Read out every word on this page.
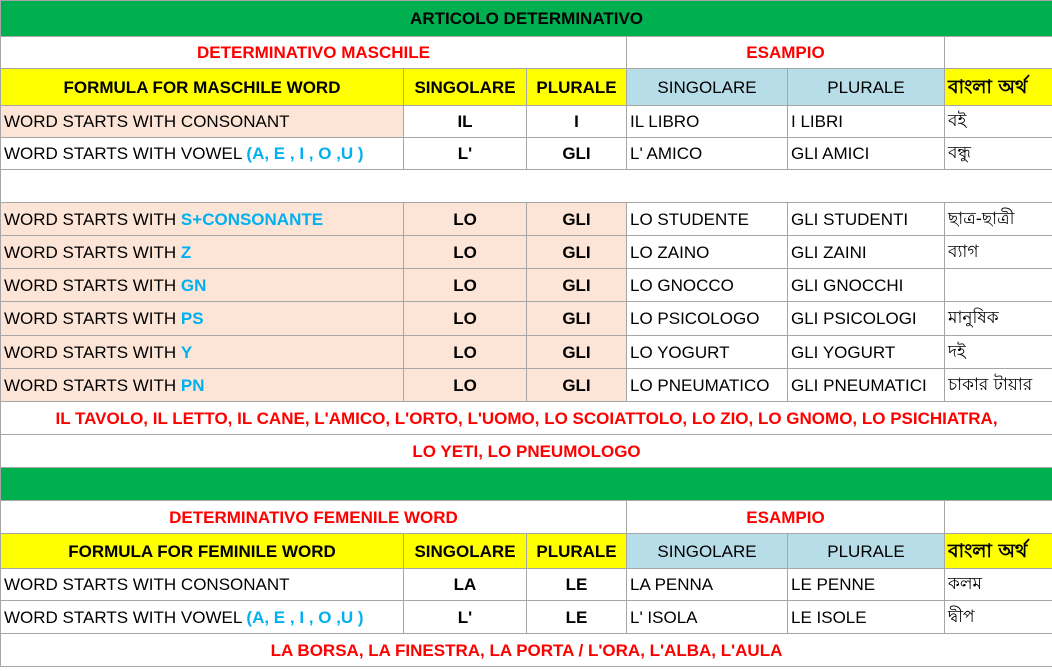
ARTICOLO DETERMINATIVO					
DETERMINATIVO MASCHILE			ESAMPIO		
FORMULA FOR MASCHILE WORD	SINGOLARE	PLURALE	SINGOLARE	PLURALE	বাংলা অর্থ
WORD STARTS WITH CONSONANT	IL	I	IL LIBRO	I LIBRI	বই
WORD STARTS WITH VOWEL (A, E , I , O ,U )	L'	GLI	L' AMICO	GLI AMICI	বন্ধু

WORD STARTS WITH S+CONSONANTE	LO	GLI	LO STUDENTE	GLI STUDENTI	ছাত্র-ছাত্রী
WORD STARTS WITH Z	LO	GLI	LO ZAINO	GLI ZAINI	ব্যাগ
WORD STARTS WITH GN	LO	GLI	LO GNOCCO	GLI GNOCCHI	
WORD STARTS WITH PS	LO	GLI	LO PSICOLOGO	GLI PSICOLOGI	মানুষিক
WORD STARTS WITH Y	LO	GLI	LO YOGURT	GLI YOGURT	দই
WORD STARTS WITH PN	LO	GLI	LO PNEUMATICO	GLI PNEUMATICI	চাকার টায়ার
IL TAVOLO, IL LETTO, IL CANE, L'AMICO, L'ORTO, L'UOMO, LO SCOIATTOLO, LO ZIO, LO GNOMO, LO PSICHIATRA,					
LO YETI, LO PNEUMOLOGO					

DETERMINATIVO FEMENILE WORD			ESAMPIO		
FORMULA FOR FEMINILE WORD	SINGOLARE	PLURALE	SINGOLARE	PLURALE	বাংলা অর্থ
WORD STARTS WITH CONSONANT	LA	LE	LA PENNA	LE PENNE	কলম
WORD STARTS WITH VOWEL (A, E , I , O ,U )	L'	LE	L' ISOLA	LE ISOLE	দ্বীপ
LA BORSA, LA FINESTRA, LA PORTA / L'ORA, L'ALBA, L'AULA					
